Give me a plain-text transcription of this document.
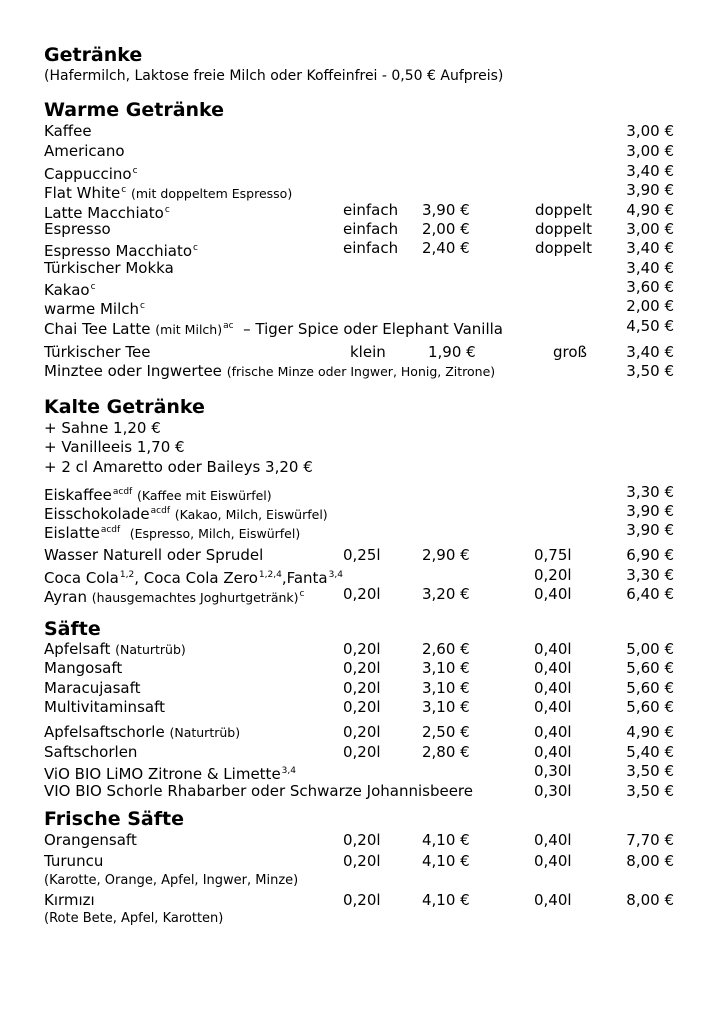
Getränke
(Hafermilch, Laktose freie Milch oder Koffeinfrei - 0,50 € Aufpreis)
Warme Getränke
Kaffee	3,00 €
Americano	3,00 €
Cappuccino$^c$	3,40 €
Flat White$^c$ (mit doppeltem Espresso)	3,90 €
Latte Macchiato$^c$	einfach 3,90 €	doppelt 4,90 €
Espresso	einfach 2,00 €	doppelt 3,00 €
Espresso Macchiato$^c$	einfach 2,40 €	doppelt 3,40 €
Türkischer Mokka	3,40 €
Kakao$^c$	3,60 €
warme Milch$^c$	2,00 €
Chai Tee Latte (mit Milch)$^{ac}$ – Tiger Spice oder Elephant Vanilla	4,50 €
Türkischer Tee	klein	1,90 €	groß	3,40 €
Minztee oder Ingwertee (frische Minze oder Ingwer, Honig, Zitrone)	3,50 €
Kalte Getränke
+ Sahne 1,20 €
+ Vanilleeis 1,70 €
+ 2 cl Amaretto oder Baileys 3,20 €
Eiskaffee$^{acdf}$ (Kaffee mit Eiswürfel)	3,30 €
Eisschokolade$^{acdf}$ (Kakao, Milch, Eiswürfel)	3,90 €
Eislatte$^{acdf}$ (Espresso, Milch, Eiswürfel)	3,90 €
Wasser Naturell oder Sprudel	0,25l	2,90 €	0,75l	6,90 €
Coca Cola$^{1,2}$, Coca Cola Zero$^{1,2,4}$,Fanta$^{3,4}$	0,20l	3,30 €
Ayran (hausgemachtes Joghurtgetränk)$^c$	0,20l	3,20 €	0,40l	6,40 €
Säfte
Apfelsaft (Naturtrüb)	0,20l	2,60 €	0,40l	5,00 €
Mangosaft	0,20l	3,10 €	0,40l	5,60 €
Maracujasaft	0,20l	3,10 €	0,40l	5,60 €
Multivitaminsaft	0,20l	3,10 €	0,40l	5,60 €
Apfelsaftschorle (Naturtrüb)	0,20l	2,50 €	0,40l	4,90 €
Saftschorlen	0,20l	2,80 €	0,40l	5,40 €
ViO BIO LiMO Zitrone & Limette$^{3,4}$	0,30l	3,50 €
VIO BIO Schorle Rhabarber oder Schwarze Johannisbeere	0,30l	3,50 €
Frische Säfte
Orangensaft	0,20l	4,10 €	0,40l	7,70 €
Turuncu	0,20l	4,10 €	0,40l	8,00 €
(Karotte, Orange, Apfel, Ingwer, Minze)
Kırmızı	0,20l	4,10 €	0,40l	8,00 €
(Rote Bete, Apfel, Karotten)
